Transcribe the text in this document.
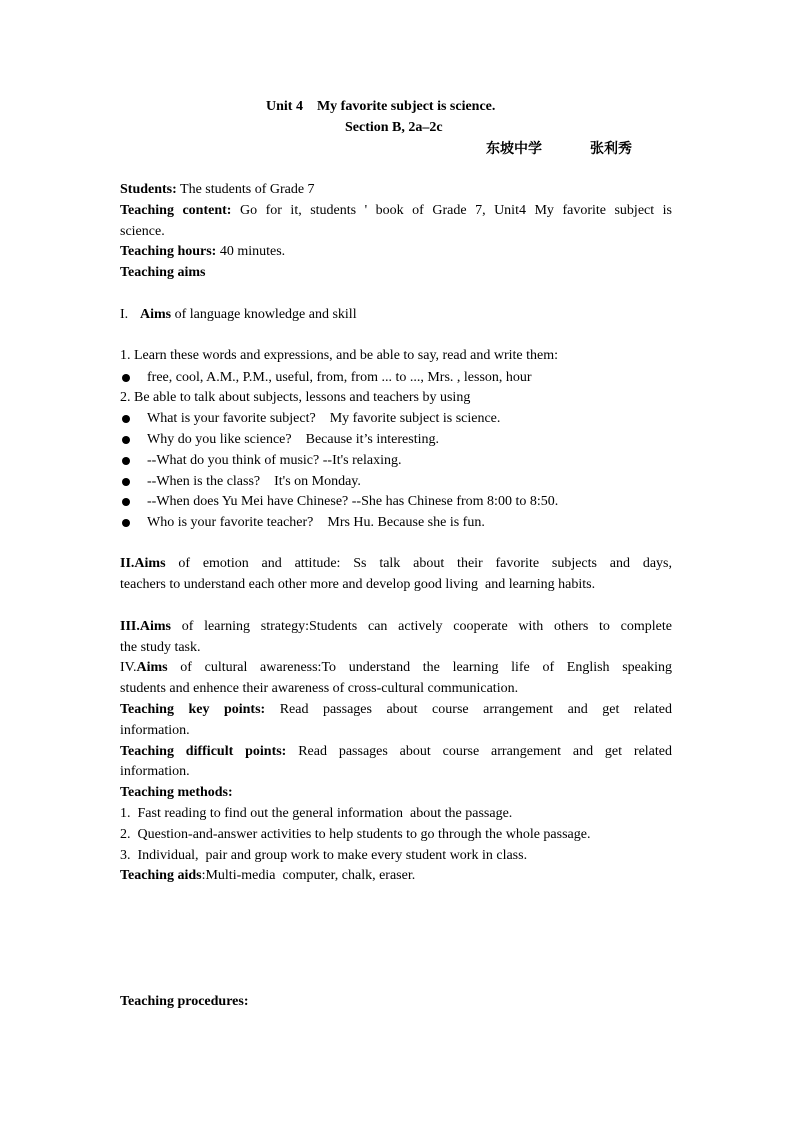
Unit 4    My favorite subject is science.
Section B, 2a–2c
东坡中学	张利秀
Students: The students of Grade 7
Teaching content: Go for it, students ' book of Grade 7, Unit4 My favorite subject is
science.
Teaching hours: 40 minutes.
Teaching aims
I. Aims of language knowledge and skill
1. Learn these words and expressions, and be able to say, read and write them:
free, cool, A.M., P.M., useful, from, from ... to ..., Mrs. , lesson, hour
2. Be able to talk about subjects, lessons and teachers by using
What is your favorite subject?    My favorite subject is science.
Why do you like science?    Because it’s interesting.
--What do you think of music? --It's relaxing.
--When is the class?    It's on Monday.
--When does Yu Mei have Chinese? --She has Chinese from 8:00 to 8:50.
Who is your favorite teacher?    Mrs Hu. Because she is fun.
II.Aims of emotion and attitude: Ss talk about their favorite subjects and days,
teachers to understand each other more and develop good living  and learning habits.
III.Aims of learning strategy:Students can actively cooperate with others to complete
the study task.
IV.Aims of cultural awareness:To understand the learning life of English speaking
students and enhence their awareness of cross-cultural communication.
Teaching key points: Read passages about course arrangement and get related
information.
Teaching difficult points: Read passages about course arrangement and get related
information.
Teaching methods:
1.  Fast reading to find out the general information  about the passage.
2.  Question-and-answer activities to help students to go through the whole passage.
3.  Individual,  pair and group work to make every student work in class.
Teaching aids:Multi-media  computer, chalk, eraser.
Teaching procedures:
